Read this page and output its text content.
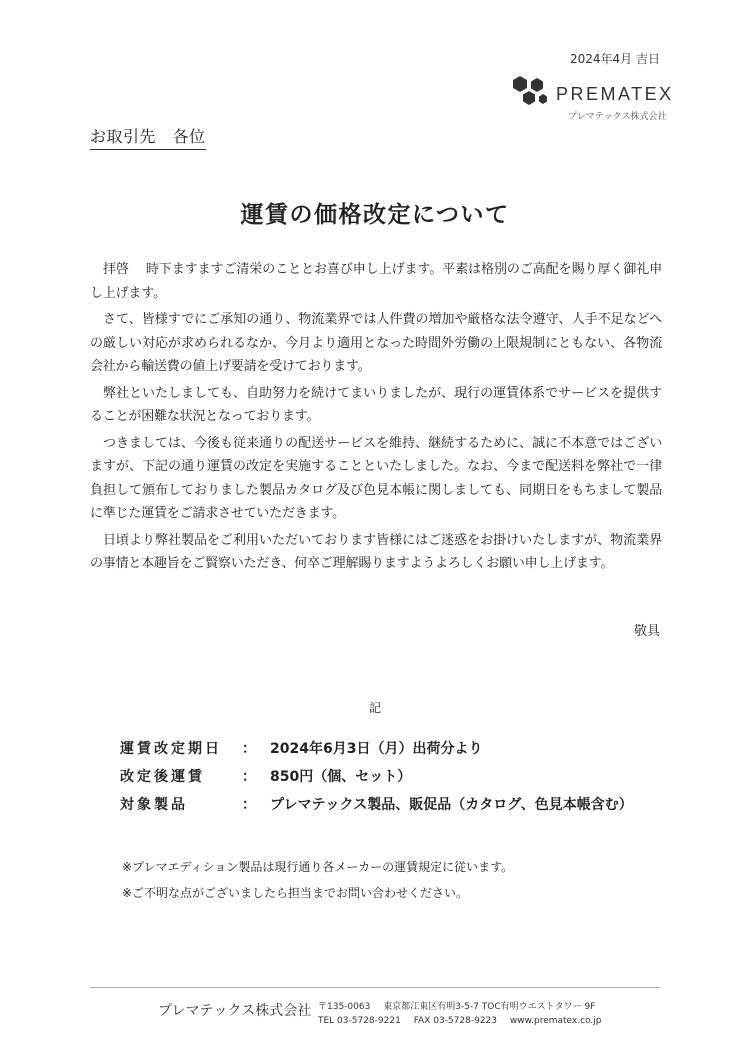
2024年4月 吉日
PREMATEX
プレマテックス株式会社
お取引先　各位
運賃の価格改定について

拝啓　 時下ますますご清栄のこととお喜び申し上げます。平素は格別のご高配を賜り厚く御礼申し上げます。

さて、皆様すでにご承知の通り、物流業界では人件費の増加や厳格な法令遵守、人手不足などへの厳しい対応が求められるなか、今月より適用となった時間外労働の上限規制にともない、各物流会社から輸送費の値上げ要請を受けております。

弊社といたしましても、自助努力を続けてまいりましたが、現行の運賃体系でサービスを提供することが困難な状況となっております。

つきましては、今後も従来通りの配送サービスを維持、継続するために、誠に不本意ではございますが、下記の通り運賃の改定を実施することといたしました。なお、今まで配送料を弊社で一律負担して頒布しておりました製品カタログ及び色見本帳に関しましても、同期日をもちまして製品に準じた運賃をご請求させていただきます。

日頃より弊社製品をご利用いただいております皆様にはご迷惑をお掛けいたしますが、物流業界の事情と本趣旨をご賢察いただき、何卒ご理解賜りますようよろしくお願い申し上げます。

敬具
記
運賃改定期日	： 2024年6月3日（月）出荷分より
改定後運賃	： 850円（個、セット）
対象製品	： プレマテックス製品、販促品（カタログ、色見本帳含む）
※プレマエディション製品は現行通り各メーカーの運賃規定に従います。
※ご不明な点がございましたら担当までお問い合わせください。
プレマテックス株式会社 〒135-0063 東京都江東区有明3-5-7 TOC有明ウエストタワー 9F
TEL 03-5728-9221 FAX 03-5728-9223 www.prematex.co.jp
